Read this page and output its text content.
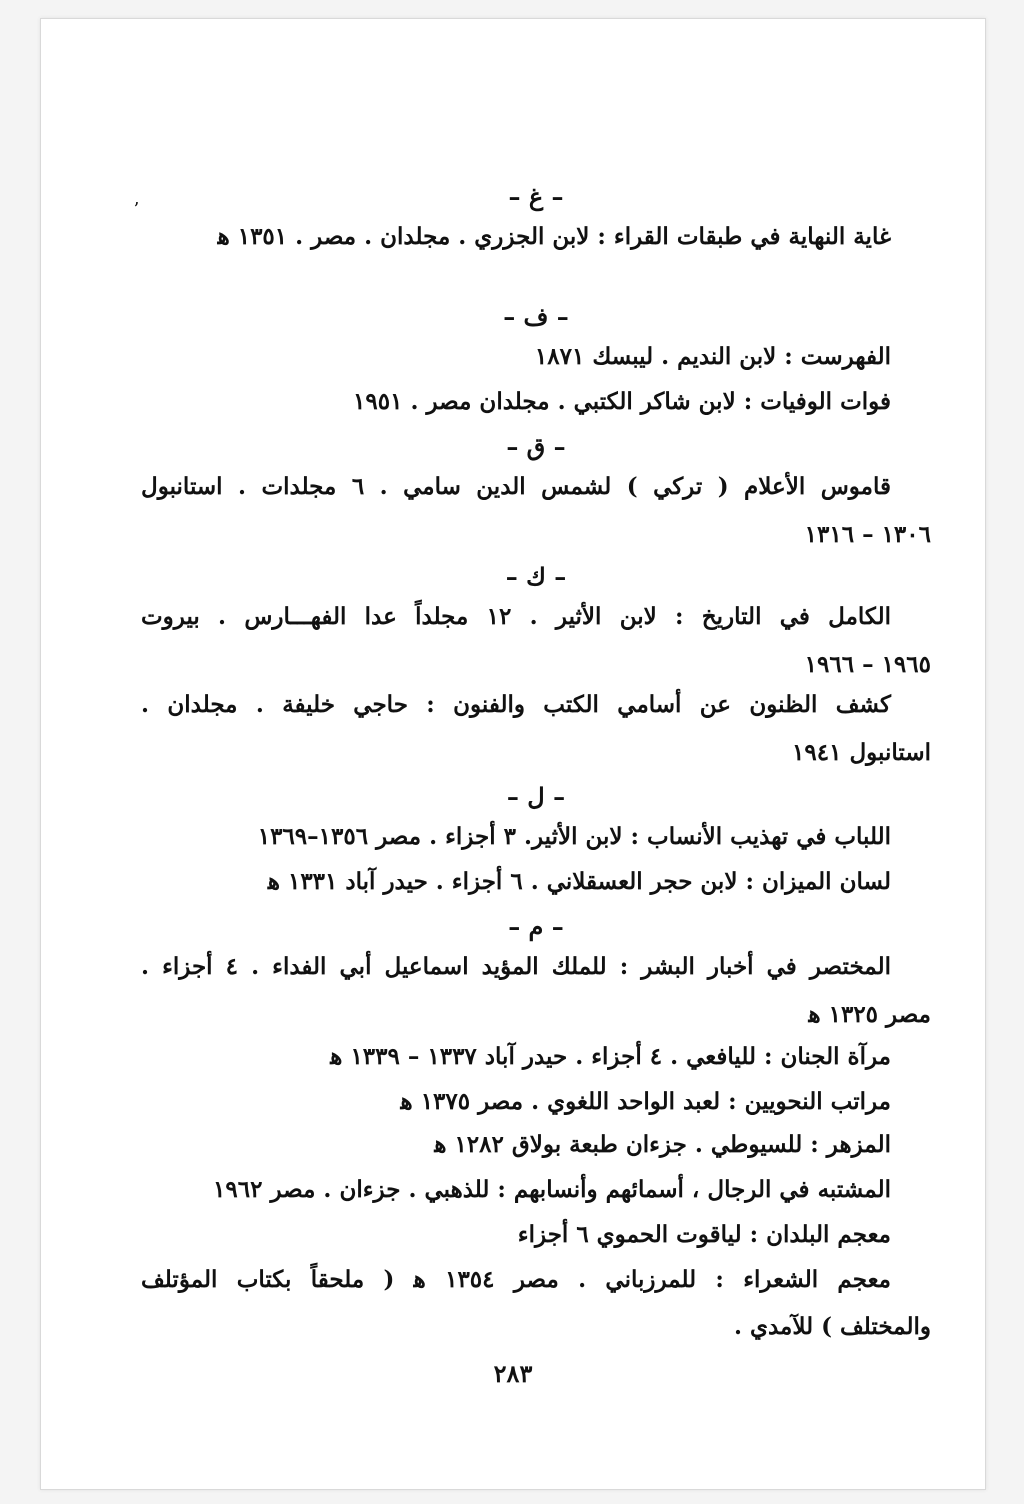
ʼ	– غ –
غاية النهاية في طبقات القراء : لابن الجزري . مجلدان . مصر . ١٣٥١ ﻫ
– ف –
الفهرست : لابن النديم . ليبسك ١٨٧١
فوات الوفيات : لابن شاكر الكتبي . مجلدان مصر . ١٩٥١
– ق –
قاموس الأعلام ( تركي ) لشمس الدين سامي . ٦ مجلدات . استانبول
١٣٠٦ – ١٣١٦
– ك –
الكامل في التاريخ : لابن الأثير . ١٢ مجلداً عدا الفهـــارس . بيروت
١٩٦٥ – ١٩٦٦
كشف الظنون عن أسامي الكتب والفنون : حاجي خليفة . مجلدان .
استانبول ١٩٤١
– ل –
اللباب في تهذيب الأنساب : لابن الأثير. ٣ أجزاء . مصر ١٣٥٦–١٣٦٩
لسان الميزان : لابن حجر العسقلاني . ٦ أجزاء . حيدر آباد ١٣٣١ ﻫ
– م –
المختصر في أخبار البشر : للملك المؤيد اسماعيل أبي الفداء . ٤ أجزاء .
مصر ١٣٢٥ ﻫ
مرآة الجنان : لليافعي . ٤ أجزاء . حيدر آباد ١٣٣٧ – ١٣٣٩ ﻫ
مراتب النحويين : لعبد الواحد اللغوي . مصر ١٣٧٥ ﻫ
المزهر : للسيوطي . جزءان طبعة بولاق ١٢٨٢ ﻫ
المشتبه في الرجال ، أسمائهم وأنسابهم : للذهبي . جزءان . مصر ١٩٦٢
معجم البلدان : لياقوت الحموي ٦ أجزاء
معجم الشعراء : للمرزباني . مصر ١٣٥٤ ﻫ ( ملحقاً بكتاب المؤتلف
والمختلف ) للآمدي .
٢٨٣
